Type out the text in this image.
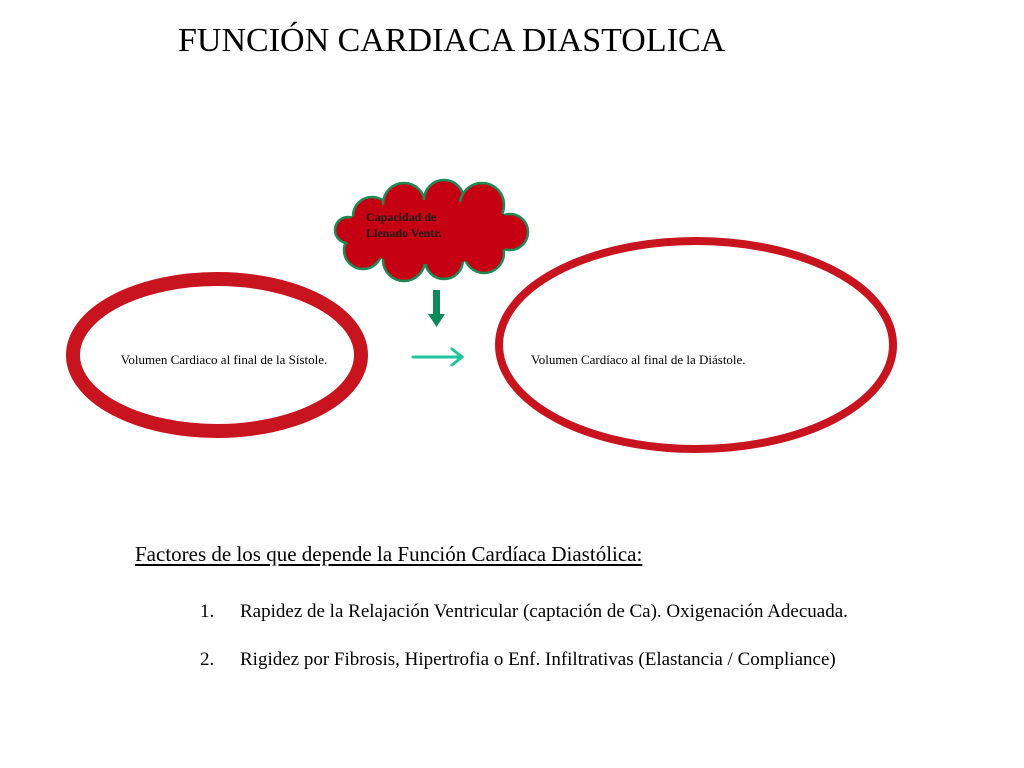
FUNCIÓN CARDIACA DIASTOLICA
Volumen Cardiaco al final de la Sístole.	Volumen Cardíaco al final de la Diástole.
Capacidad de Llenado Ventr.
Factores de los que depende la Función Cardíaca Diastólica:
1. Rapidez de la Relajación Ventricular (captación de Ca). Oxigenación Adecuada.
2. Rigidez por Fibrosis, Hipertrofia o Enf. Infiltrativas (Elastancia / Compliance)
